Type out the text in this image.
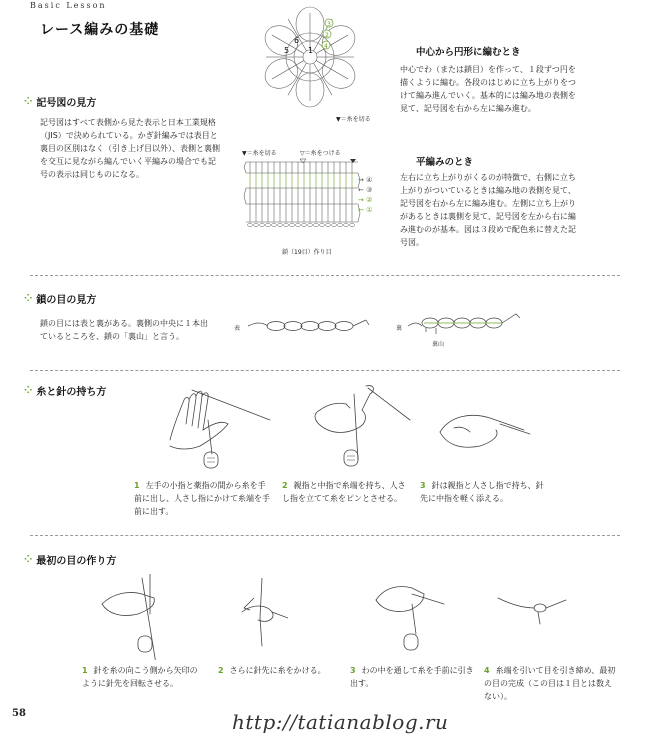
Basic Lesson
レース編みの基礎
⁘ 記号図の見方
記号図はすべて表側から見た表示と日本工業規格（JIS）で決められている。かぎ針編みでは表目と裏目の区別はなく（引き上げ目以外）、表側と裏側を交互に見ながら編んでいく平編みの場合でも記号の表示は同じものになる。
6
5 1
3
2
4
▼＝糸を切る
▼＝糸を切る	▽＝糸をつける
鎖（19目）作り目
→ ④
← ③
→ ②
← ①
中心から円形に編むとき
中心でわ（または鎖目）を作って、１段ずつ円を描くように編む。各段のはじめに立ち上がりをつけて編み進んでいく。基本的には編み地の表側を見て、記号図を右から左に編み進む。
平編みのとき
左右に立ち上がりがくるのが特徴で、右側に立ち上がりがついているときは編み地の表側を見て、記号図を右から左に編み進む。左側に立ち上がりがあるときは裏側を見て、記号図を左から右に編み進むのが基本。図は３段めで配色糸に替えた記号図。
⁘ 鎖の目の見方
鎖の目には表と裏がある。裏側の中央に１本出ているところを、鎖の「裏山」と言う。
表	裏
裏山
⁘ 糸と針の持ち方
1 左手の小指と薬指の間から糸を手前に出し、人さし指にかけて糸端を手前に出す。
2 親指と中指で糸端を持ち、人さし指を立てて糸をピンとさせる。
3 針は親指と人さし指で持ち、針先に中指を軽く添える。
⁘ 最初の目の作り方
1 針を糸の向こう側から矢印のように針先を回転させる。
2 さらに針先に糸をかける。	3 わの中を通して糸を手前に引き出す。
4 糸端を引いて目を引き締め、最初の目の完成（この目は１目とは数えない）。
58	http://tatianablog.ru
